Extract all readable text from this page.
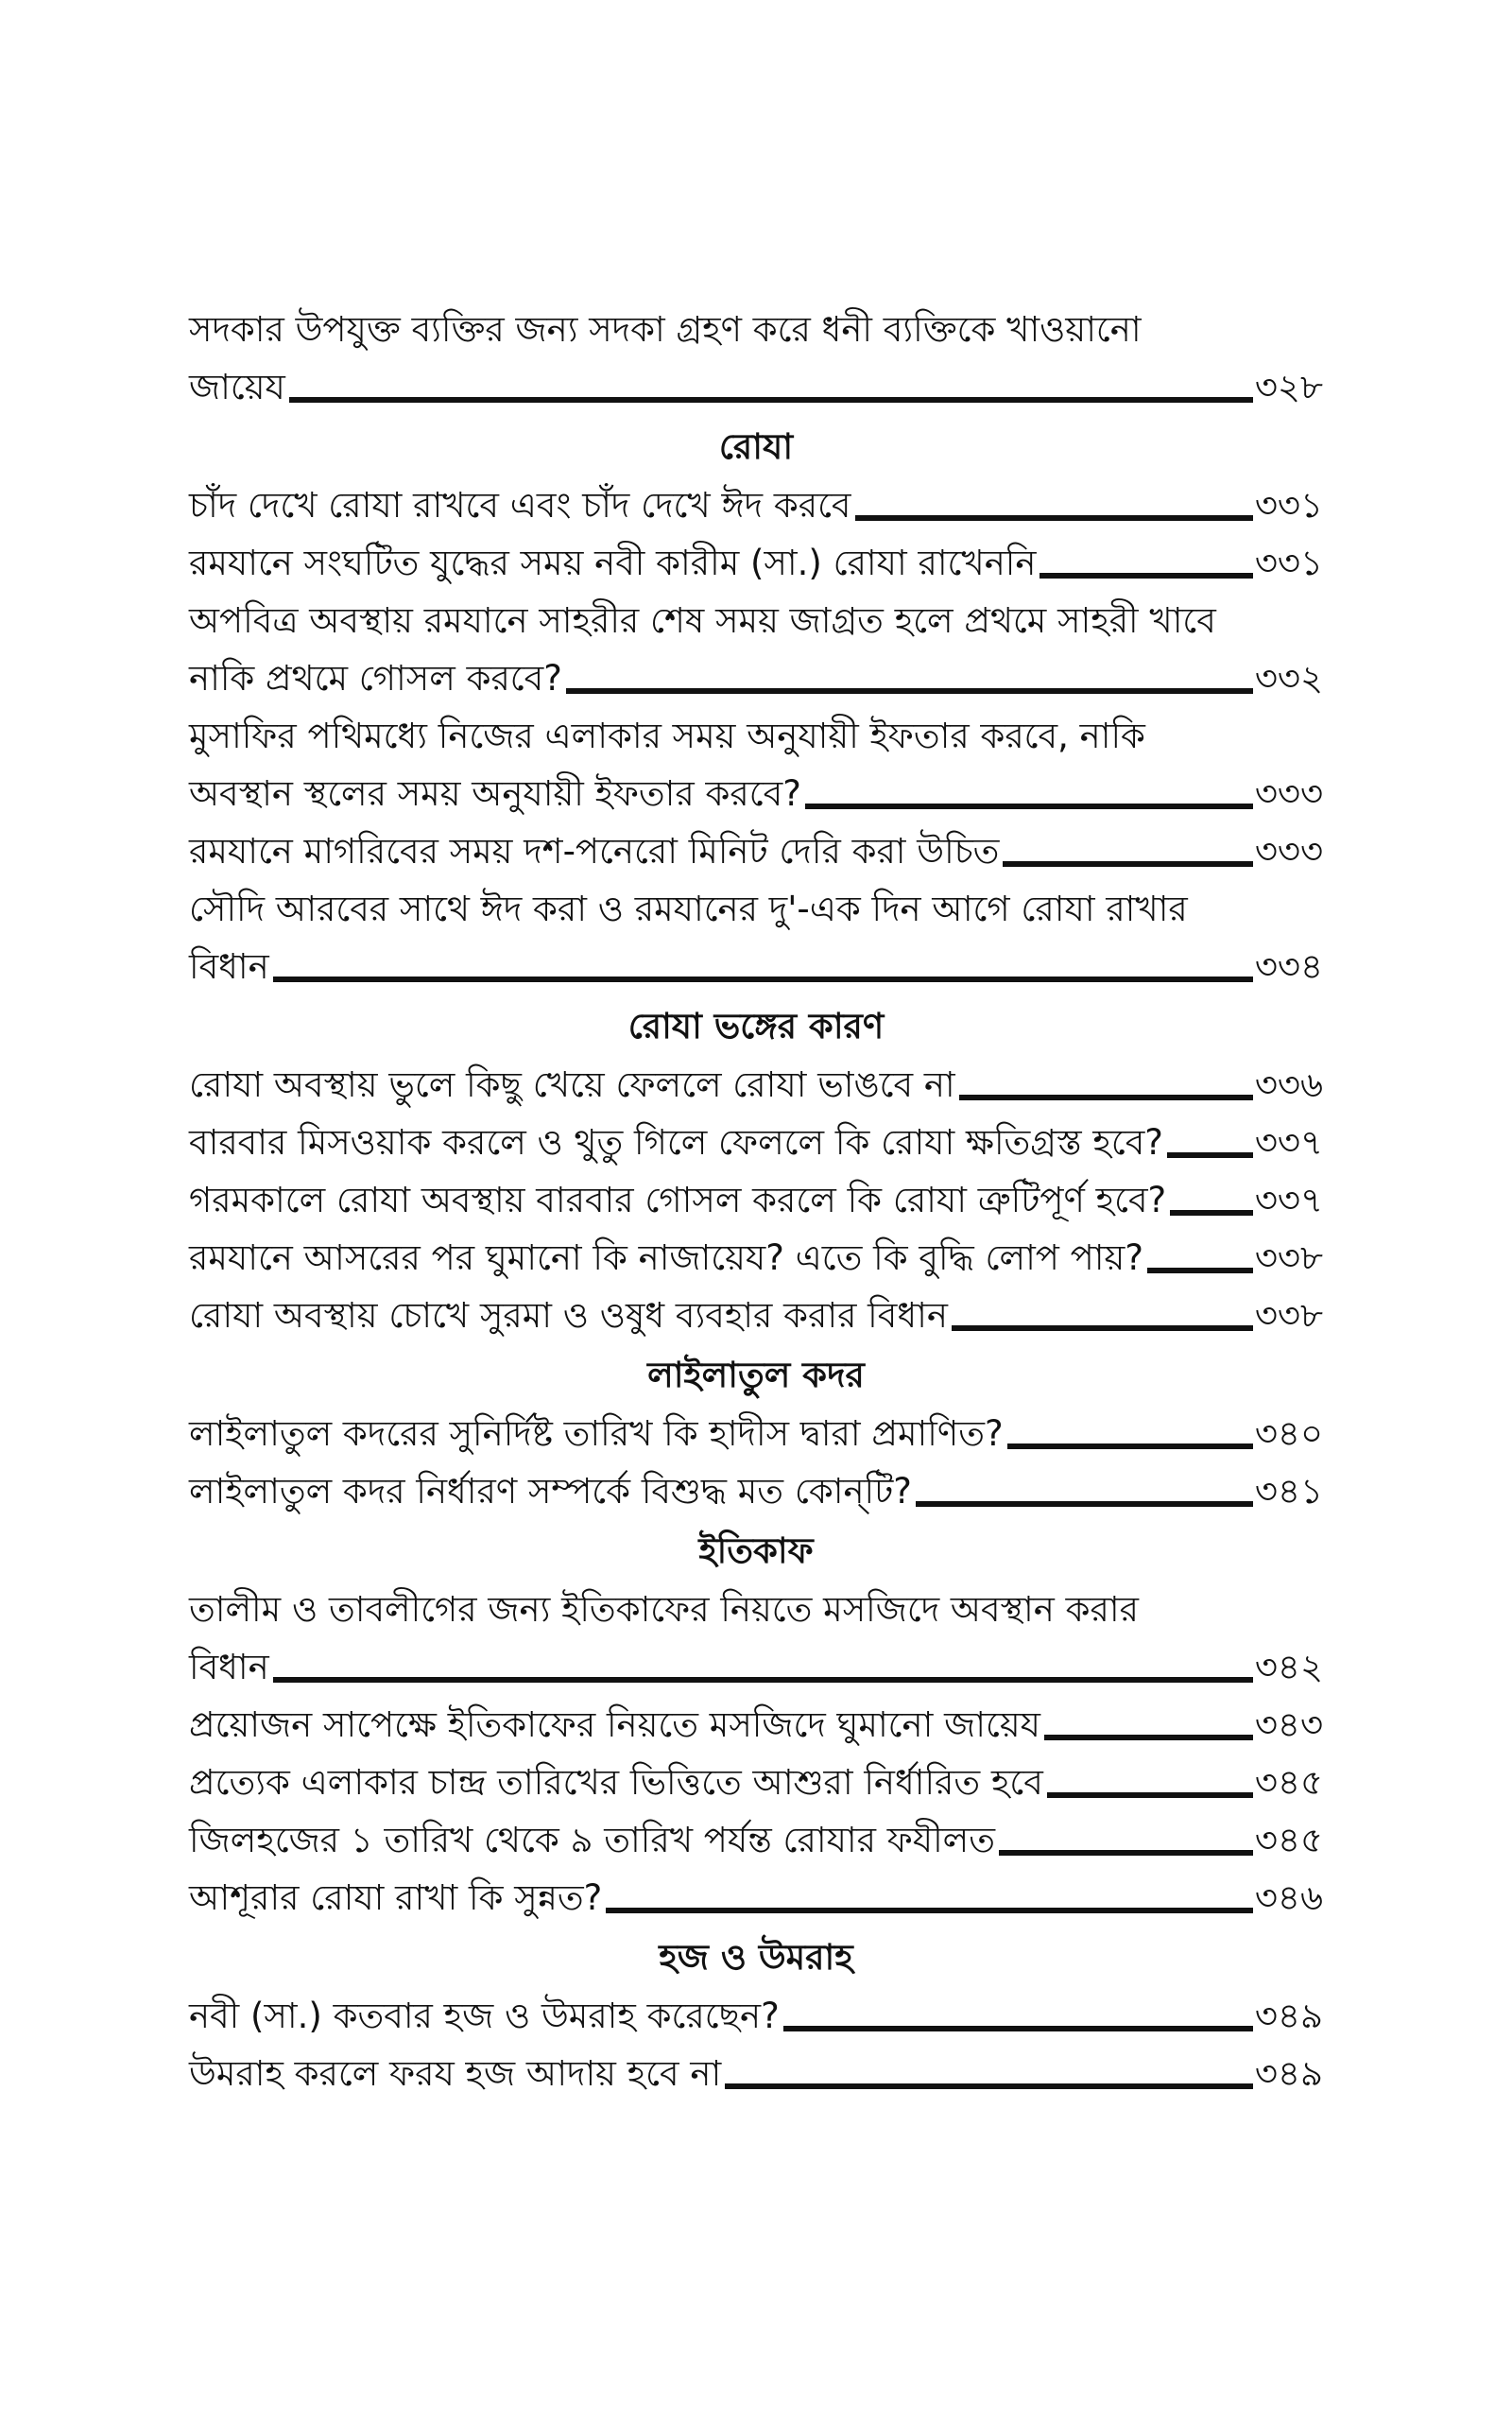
সদকার উপযুক্ত ব্যক্তির জন্য সদকা গ্রহণ করে ধনী ব্যক্তিকে খাওয়ানো
জায়েয	৩২৮
রোযা
চাঁদ দেখে রোযা রাখবে এবং চাঁদ দেখে ঈদ করবে	৩৩১
রমযানে সংঘটিত যুদ্ধের সময় নবী কারীম (সা.) রোযা রাখেননি	৩৩১
অপবিত্র অবস্থায় রমযানে সাহরীর শেষ সময় জাগ্রত হলে প্রথমে সাহরী খাবে
নাকি প্রথমে গোসল করবে?	৩৩২
মুসাফির পথিমধ্যে নিজের এলাকার সময় অনুযায়ী ইফতার করবে, নাকি
অবস্থান স্থলের সময় অনুযায়ী ইফতার করবে?	৩৩৩
রমযানে মাগরিবের সময় দশ-পনেরো মিনিট দেরি করা উচিত	৩৩৩
সৌদি আরবের সাথে ঈদ করা ও রমযানের দু'-এক দিন আগে রোযা রাখার
বিধান	৩৩৪
রোযা ভঙ্গের কারণ
রোযা অবস্থায় ভুলে কিছু খেয়ে ফেললে রোযা ভাঙবে না	৩৩৬
বারবার মিসওয়াক করলে ও থুতু গিলে ফেললে কি রোযা ক্ষতিগ্রস্ত হবে?	৩৩৭
গরমকালে রোযা অবস্থায় বারবার গোসল করলে কি রোযা ত্রুটিপূর্ণ হবে?	৩৩৭
রমযানে আসরের পর ঘুমানো কি নাজায়েয? এতে কি বুদ্ধি লোপ পায়?	৩৩৮
রোযা অবস্থায় চোখে সুরমা ও ওষুধ ব্যবহার করার বিধান	৩৩৮
লাইলাতুল কদর
লাইলাতুল কদরের সুনির্দিষ্ট তারিখ কি হাদীস দ্বারা প্রমাণিত?	৩৪০
লাইলাতুল কদর নির্ধারণ সম্পর্কে বিশুদ্ধ মত কোন্‌টি?	৩৪১
ইতিকাফ
তালীম ও তাবলীগের জন্য ইতিকাফের নিয়তে মসজিদে অবস্থান করার
বিধান	৩৪২
প্রয়োজন সাপেক্ষে ইতিকাফের নিয়তে মসজিদে ঘুমানো জায়েয	৩৪৩
প্রত্যেক এলাকার চান্দ্র তারিখের ভিত্তিতে আশুরা নির্ধারিত হবে	৩৪৫
জিলহজের ১ তারিখ থেকে ৯ তারিখ পর্যন্ত রোযার ফযীলত	৩৪৫
আশূরার রোযা রাখা কি সুন্নত?	৩৪৬
হজ ও উমরাহ
নবী (সা.) কতবার হজ ও উমরাহ করেছেন?	৩৪৯
উমরাহ করলে ফরয হজ আদায় হবে না	৩৪৯
